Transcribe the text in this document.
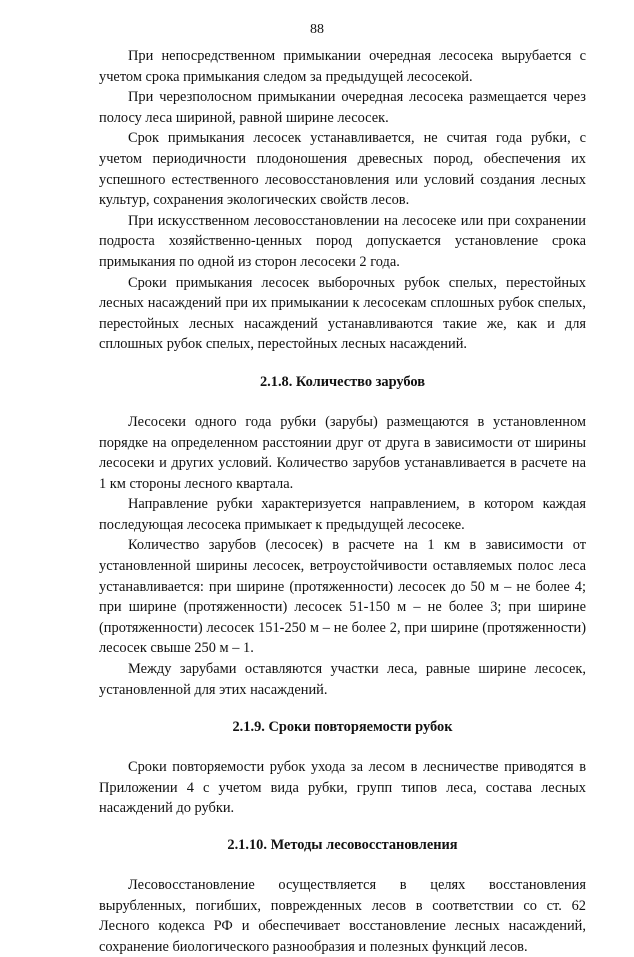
88

При непосредственном примыкании очередная лесосека вырубается с учетом срока примыкания следом за предыдущей лесосекой.

При черезполосном примыкании очередная лесосека размещается через полосу леса шириной, равной ширине лесосек.

Срок примыкания лесосек устанавливается, не считая года рубки, с учетом периодичности плодоношения древесных пород, обеспечения их успешного естественного лесовосстановления или условий создания лесных культур, сохранения экологических свойств лесов.

При искусственном лесовосстановлении на лесосеке или при сохранении подроста хозяйственно-ценных пород допускается установление срока примыкания по одной из сторон лесосеки 2 года.

Сроки примыкания лесосек выборочных рубок спелых, перестойных лесных насаждений при их примыкании к лесосекам сплошных рубок спелых, перестойных лесных насаждений устанавливаются такие же, как и для сплошных рубок спелых, перестойных лесных насаждений.

2.1.8. Количество зарубов

Лесосеки одного года рубки (зарубы) размещаются в установленном порядке на определенном расстоянии друг от друга в зависимости от ширины лесосеки и других условий. Количество зарубов устанавливается в расчете на 1 км стороны лесного квартала.

Направление рубки характеризуется направлением, в котором каждая последующая лесосека примыкает к предыдущей лесосеке.

Количество зарубов (лесосек) в расчете на 1 км в зависимости от установленной ширины лесосек, ветроустойчивости оставляемых полос леса устанавливается: при ширине (протяженности) лесосек до 50 м – не более 4; при ширине (протяженности) лесосек 51-150 м – не более 3; при ширине (протяженности) лесосек 151-250 м – не более 2, при ширине (протяженности) лесосек свыше 250 м – 1.

Между зарубами оставляются участки леса, равные ширине лесосек, установленной для этих насаждений.

2.1.9. Сроки повторяемости рубок

Сроки повторяемости рубок ухода за лесом в лесничестве приводятся в Приложении 4 с учетом вида рубки, групп типов леса, состава лесных насаждений до рубки.

2.1.10. Методы лесовосстановления

Лесовосстановление осуществляется в целях восстановления вырубленных, погибших, поврежденных лесов в соответствии со ст. 62 Лесного кодекса РФ и обеспечивает восстановление лесных насаждений, сохранение биологического разнообразия и полезных функций лесов.
